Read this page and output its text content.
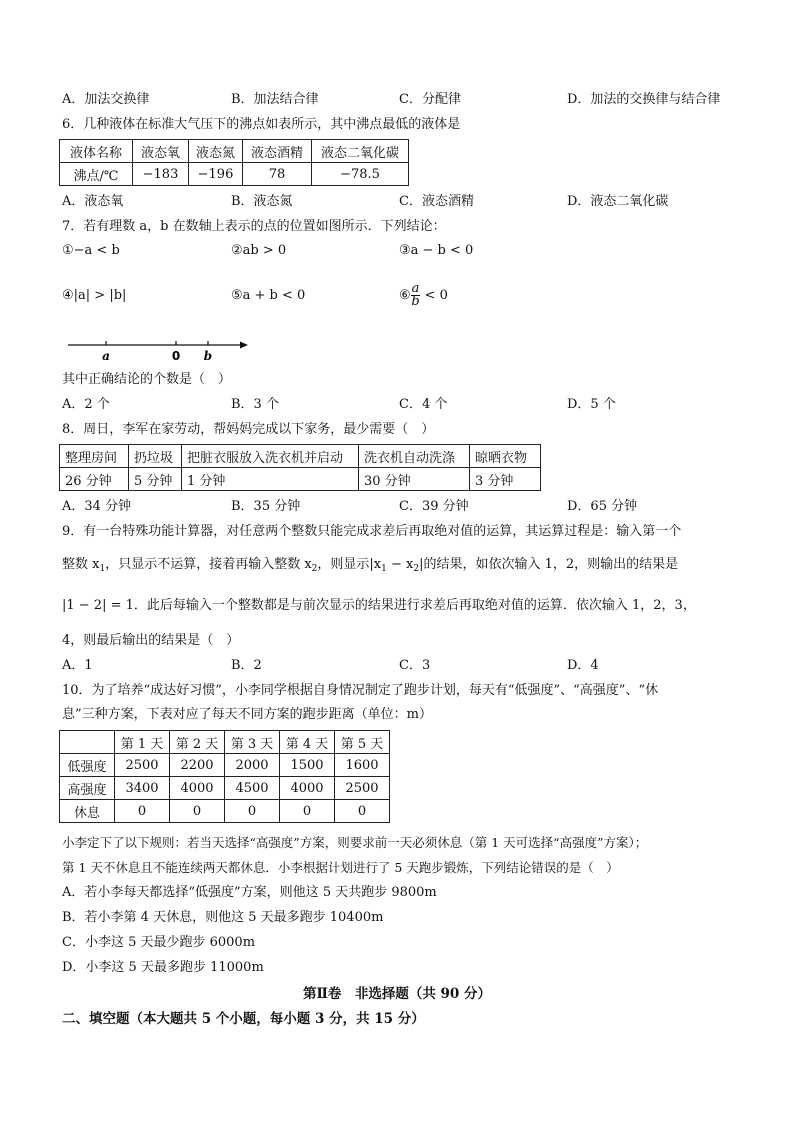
A．加法交换律	B．加法结合律	C．分配律	D．加法的交换律与结合律
6．几种液体在标准大气压下的沸点如表所示，其中沸点最低的液体是
液体名称	液态氧	液态氮	液态酒精	液态二氧化碳
沸点/℃	−183	−196	78	−78.5
A．液态氧	B．液态氮	C．液态酒精	D．液态二氧化碳
7．若有理数 a，b 在数轴上表示的点的位置如图所示．下列结论：
①−a < b	②ab > 0	③a − b < 0
④|a| > |b|	⑤a + b < 0	⑥ $\frac{a}{b} < 0$
a	0 b
其中正确结论的个数是（　）
A．2 个	B．3 个	C．4 个	D．5 个
8．周日，李军在家劳动，帮妈妈完成以下家务，最少需要（　）
整理房间	扔垃圾	把脏衣服放入洗衣机并启动	洗衣机自动洗涤	晾晒衣物
26 分钟	5 分钟	1 分钟	30 分钟	3 分钟
A．34 分钟	B．35 分钟	C．39 分钟	D．65 分钟
9．有一台特殊功能计算器，对任意两个整数只能完成求差后再取绝对值的运算，其运算过程是：输入第一个
整数 $x_1$，只显示不运算，接着再输入整数 $x_2$，则显示$|x_1 - x_2|$的结果，如依次输入 1，2，则输出的结果是
|1 − 2| = 1．此后每输入一个整数都是与前次显示的结果进行求差后再取绝对值的运算．依次输入 1，2，3，
4，则最后输出的结果是（　）
A．1	B．2	C．3	D．4
10．为了培养“成达好习惯”，小李同学根据自身情况制定了跑步计划，每天有“低强度”、“高强度”、“休
息”三种方案，下表对应了每天不同方案的跑步距离（单位：m）
	第 1 天	第 2 天	第 3 天	第 4 天	第 5 天
低强度	2500	2200	2000	1500	1600
高强度	3400	4000	4500	4000	2500
休息	0	0	0	0	0
小李定下了以下规则：若当天选择“高强度”方案，则要求前一天必须休息（第 1 天可选择“高强度”方案）；
第 1 天不休息且不能连续两天都休息．小李根据计划进行了 5 天跑步锻炼，下列结论错误的是（　）
A．若小李每天都选择“低强度”方案，则他这 5 天共跑步 9800m
B．若小李第 4 天休息，则他这 5 天最多跑步 10400m
C．小李这 5 天最少跑步 6000m
D．小李这 5 天最多跑步 11000m
第Ⅱ卷　非选择题（共 90 分）
二、填空题（本大题共 5 个小题，每小题 3 分，共 15 分）
